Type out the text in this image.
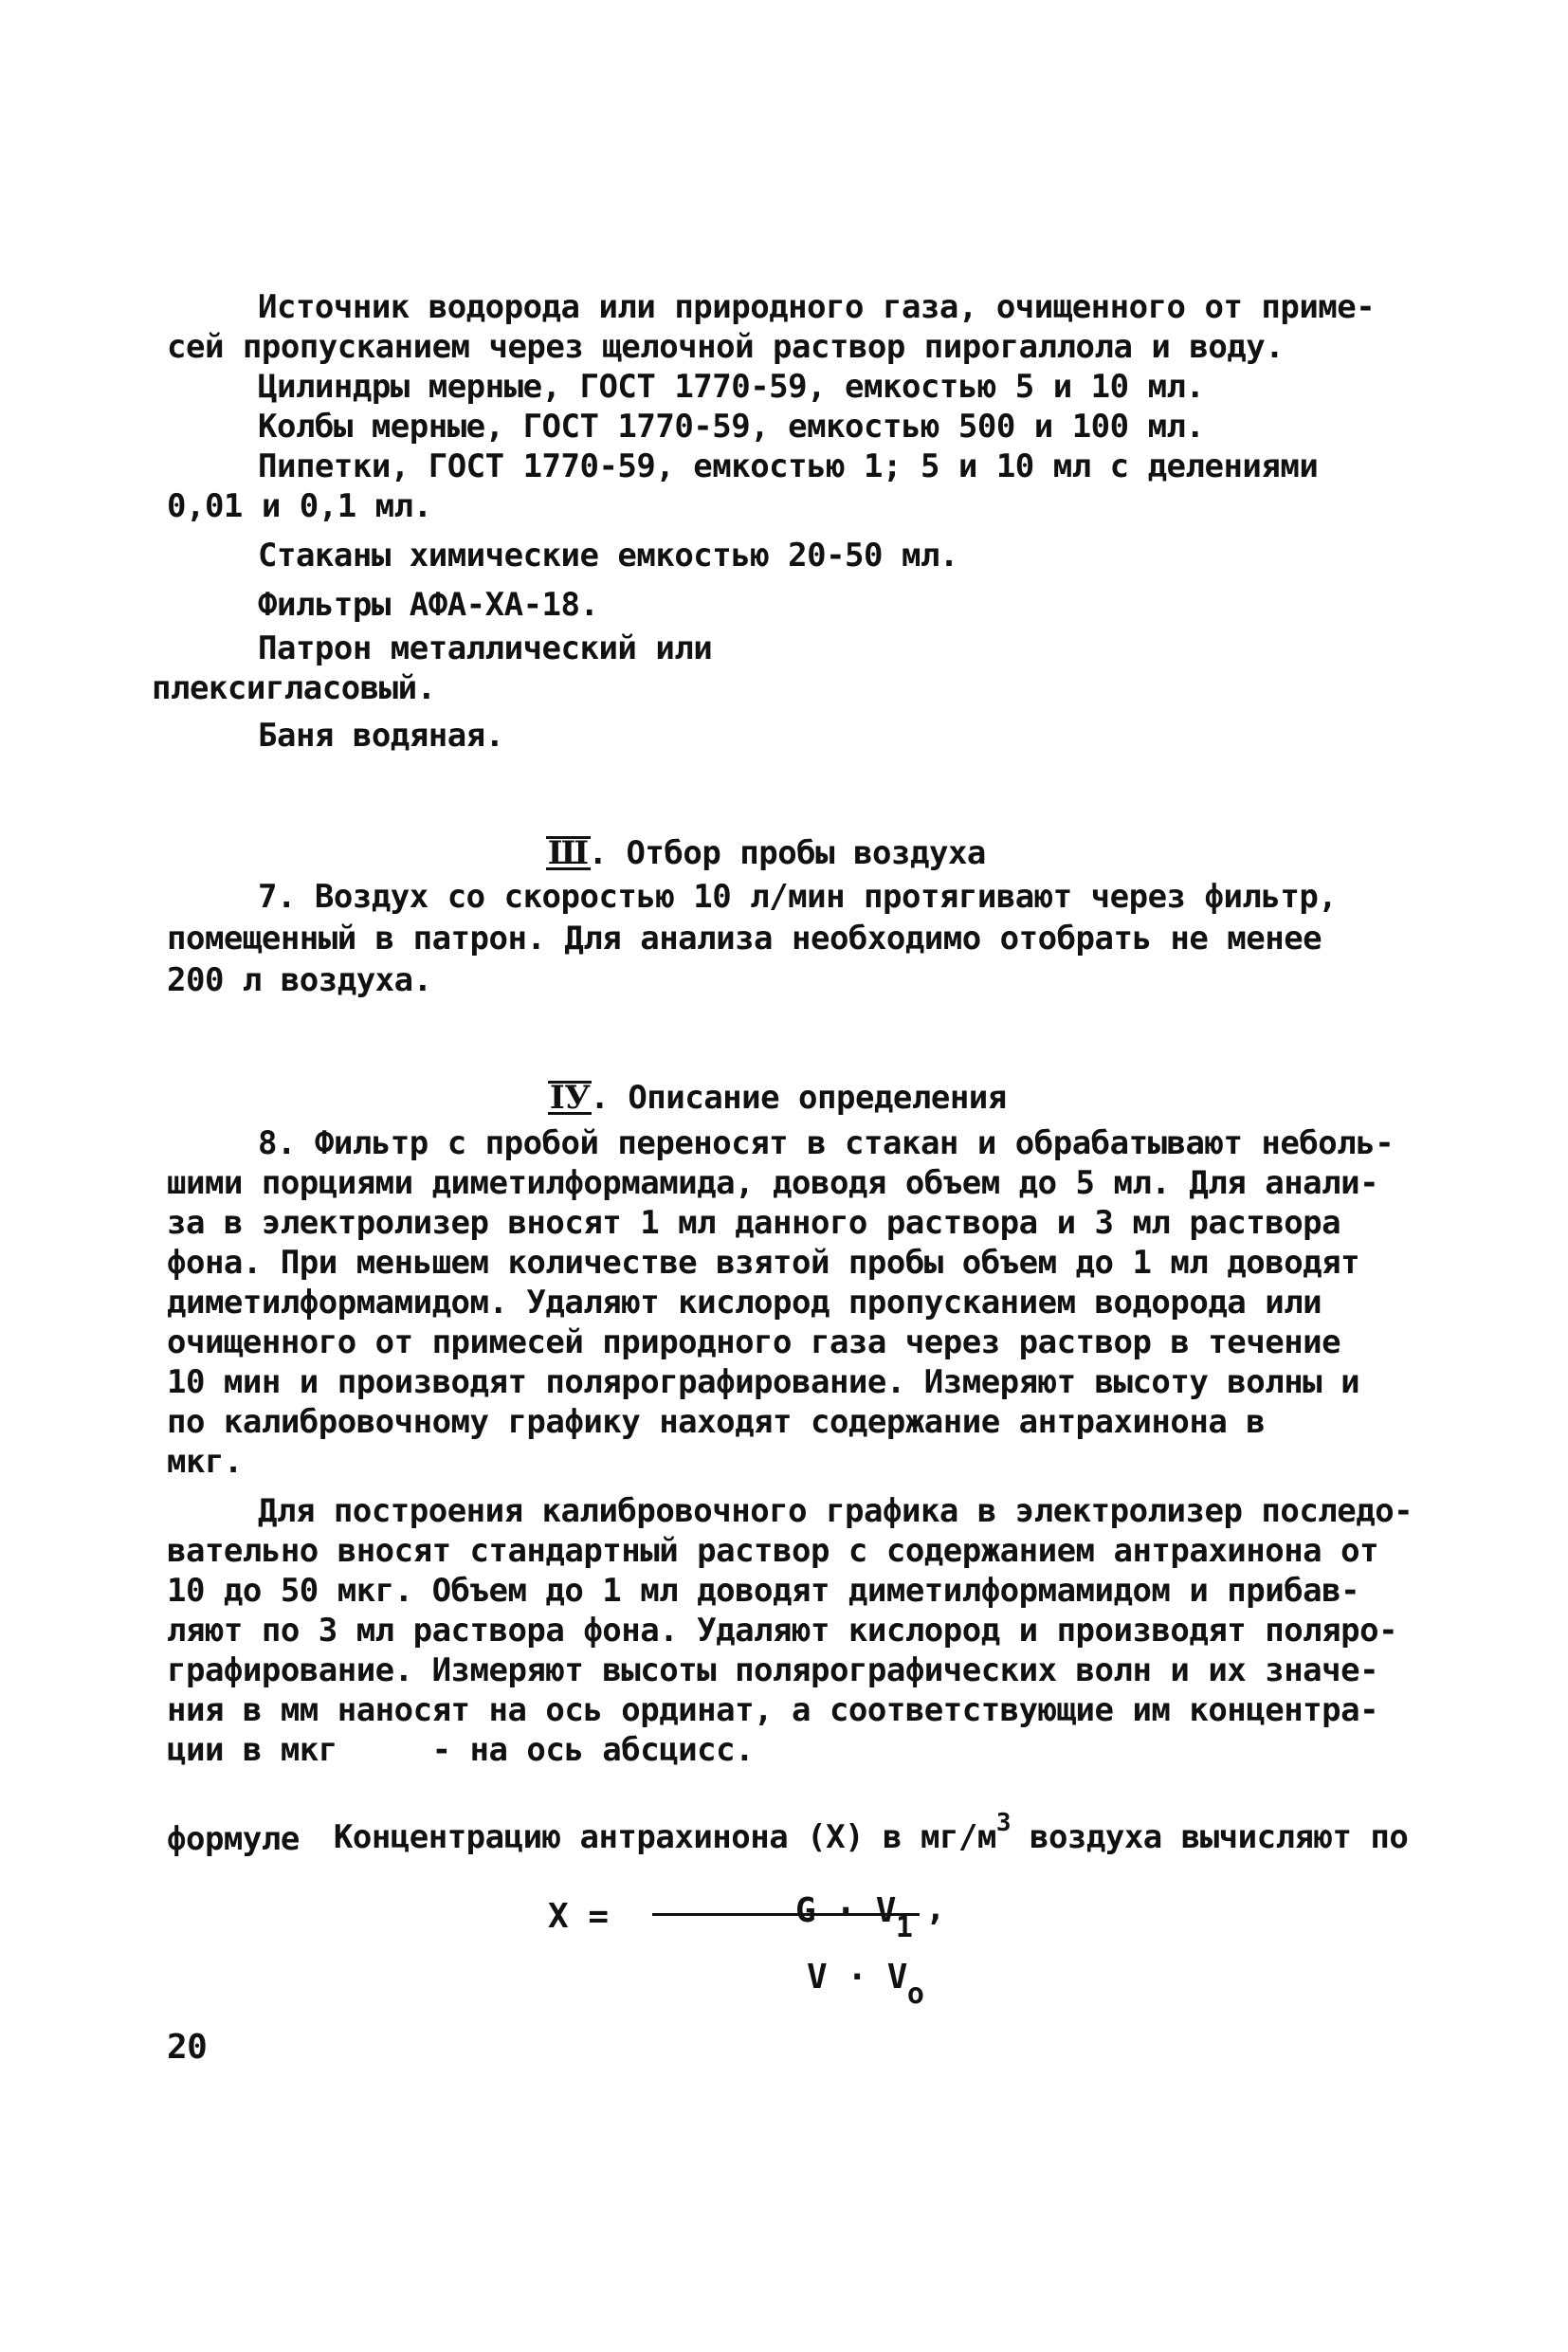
Источник водорода или природного газа, очищенного от приме-
сей пропусканием через щелочной раствор пирогаллола и воду.
Цилиндры мерные, ГОСТ 1770-59, емкостью 5 и 10 мл.
Колбы мерные, ГОСТ 1770-59, емкостью 500 и 100 мл.
Пипетки, ГОСТ 1770-59, емкостью 1; 5 и 10 мл с делениями
0,01 и 0,1 мл.
Стаканы химические емкостью 20-50 мл.
Фильтры АФА-ХА-18.
Патрон металлический или
плексигласовый.
Баня водяная.

Ш. Отбор пробы воздуха

7. Воздух со скоростью 10 л/мин протягивают через фильтр,
помещенный в патрон. Для анализа необходимо отобрать не менее
200 л воздуха.

IУ. Описание определения

8. Фильтр с пробой переносят в стакан и обрабатывают неболь-
шими порциями диметилформамида, доводя объем до 5 мл. Для анали-
за в электролизер вносят 1 мл данного раствора и 3 мл раствора
фона. При меньшем количестве взятой пробы объем до 1 мл доводят
диметилформамидом. Удаляют кислород пропусканием водорода или
очищенного от примесей природного газа через раствор в течение
10 мин и производят полярографирование. Измеряют высоту волны и
по калибровочному графику находят содержание антрахинона в
мкг.
Для построения калибровочного графика в электролизер последо-
вательно вносят стандартный раствор с содержанием антрахинона от
10 до 50 мкг. Объем до 1 мл доводят диметилформамидом и прибав-
ляют по 3 мл раствора фона. Удаляют кислород и производят поляро-
графирование. Измеряют высоты полярографических волн и их значе-
ния в мм наносят на ось ординат, а соответствующие им концентра-
ции в мкг     - на ось абсцисс.

Концентрацию антрахинона (X) в $мг/м^3$ воздуха вычисляют по

формуле
X =	$G \cdot V_1$

$V \cdot V_o$

,
20
